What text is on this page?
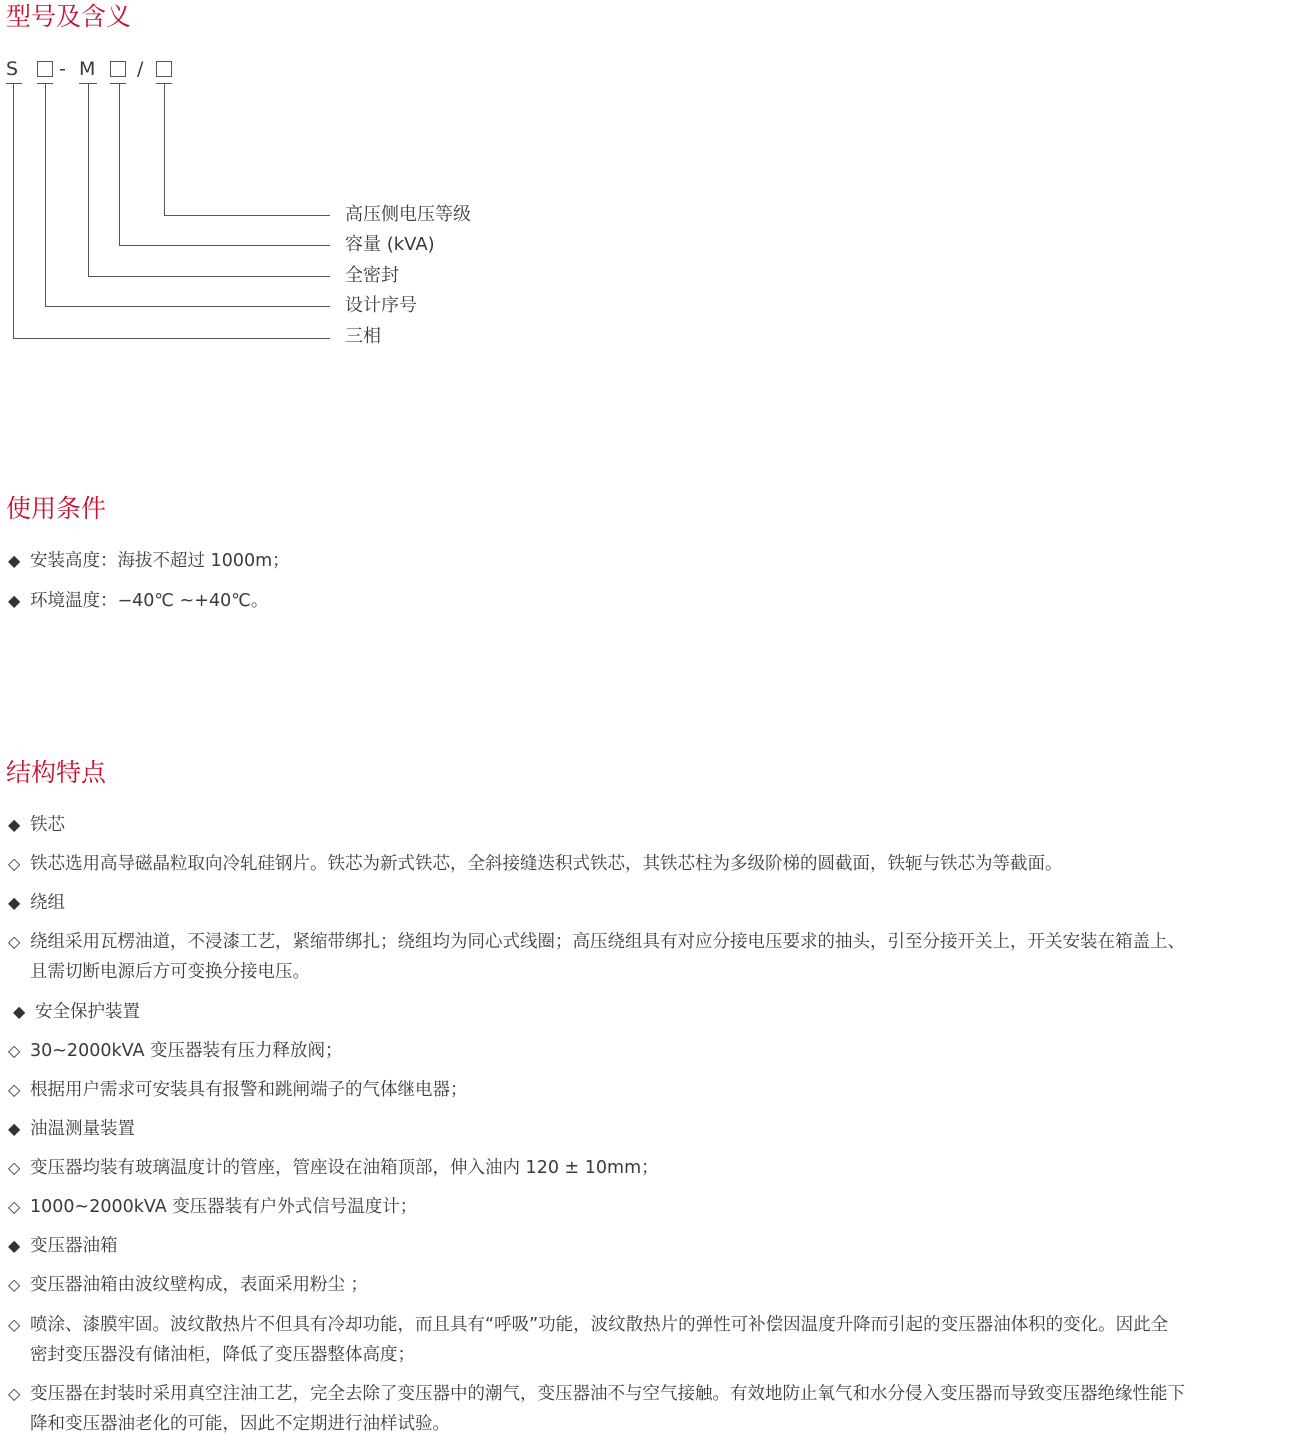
型号及含义
S - M /
高压侧电压等级
容量 (kVA)
全密封
设计序号
三相
使用条件
◆ 安装高度：海拔不超过 1000m；
◆ 环境温度：−40℃ ~+40℃。
结构特点
◆ 铁芯
◇ 铁芯选用高导磁晶粒取向冷轧硅钢片。铁芯为新式铁芯，全斜接缝迭积式铁芯，其铁芯柱为多级阶梯的圆截面，铁轭与铁芯为等截面。
◆ 绕组
◇ 绕组采用瓦楞油道，不浸漆工艺，紧缩带绑扎；绕组均为同心式线圈；高压绕组具有对应分接电压要求的抽头，引至分接开关上，开关安装在箱盖上、
且需切断电源后方可变换分接电压。
◆ 安全保护装置
◇ 30~2000kVA 变压器装有压力释放阀；
◇ 根据用户需求可安装具有报警和跳闸端子的气体继电器；
◆ 油温测量装置
◇ 变压器均装有玻璃温度计的管座，管座设在油箱顶部，伸入油内 120 ± 10mm；
◇ 1000~2000kVA 变压器装有户外式信号温度计；
◆ 变压器油箱
◇ 变压器油箱由波纹壁构成，表面采用粉尘 ；
◇ 喷涂、漆膜牢固。波纹散热片不但具有冷却功能，而且具有“呼吸”功能，波纹散热片的弹性可补偿因温度升降而引起的变压器油体积的变化。因此全
密封变压器没有储油柜，降低了变压器整体高度；
◇ 变压器在封装时采用真空注油工艺，完全去除了变压器中的潮气，变压器油不与空气接触。有效地防止氧气和水分侵入变压器而导致变压器绝缘性能下
降和变压器油老化的可能，因此不定期进行油样试验。
